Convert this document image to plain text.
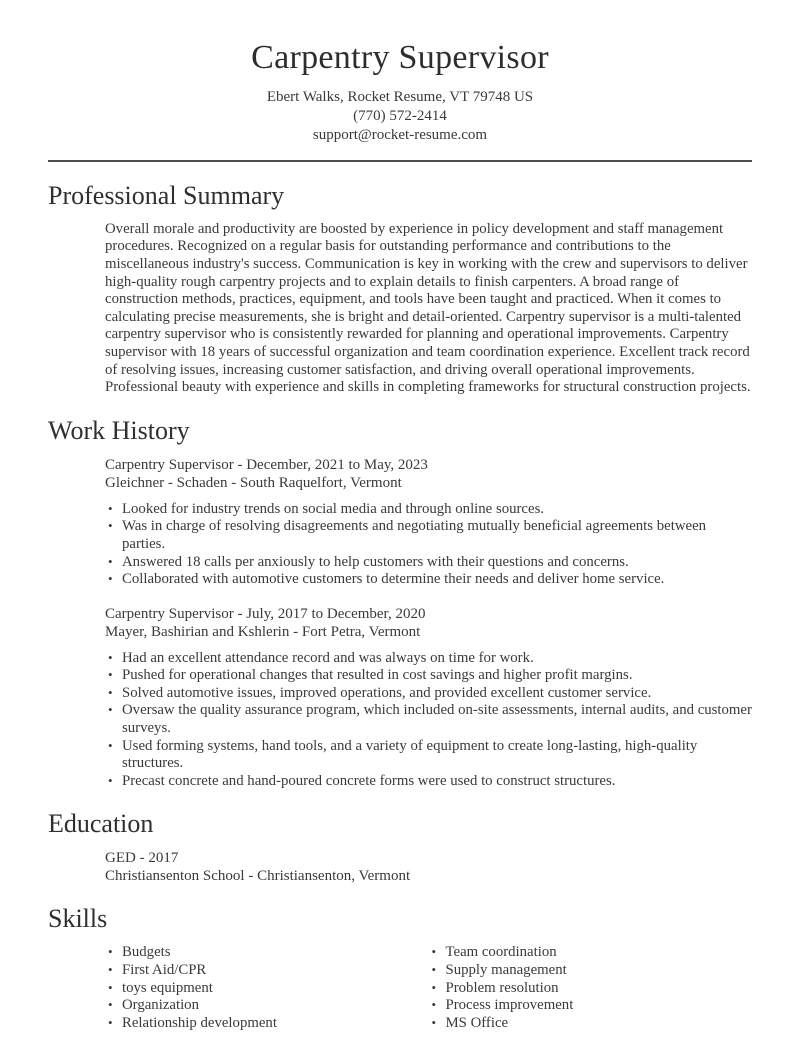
Carpentry Supervisor
Ebert Walks, Rocket Resume, VT 79748 US
(770) 572-2414
support@rocket-resume.com
Professional Summary

Overall morale and productivity are boosted by experience in policy development and staff management procedures. Recognized on a regular basis for outstanding performance and contributions to the miscellaneous industry's success. Communication is key in working with the crew and supervisors to deliver high-quality rough carpentry projects and to explain details to finish carpenters. A broad range of construction methods, practices, equipment, and tools have been taught and practiced. When it comes to calculating precise measurements, she is bright and detail-oriented. Carpentry supervisor is a multi-talented carpentry supervisor who is consistently rewarded for planning and operational improvements. Carpentry supervisor with 18 years of successful organization and team coordination experience. Excellent track record of resolving issues, increasing customer satisfaction, and driving overall operational improvements. Professional beauty with experience and skills in completing frameworks for structural construction projects.

Work History
Carpentry Supervisor - December, 2021 to May, 2023
Gleichner - Schaden - South Raquelfort, Vermont
• Looked for industry trends on social media and through online sources.
• Was in charge of resolving disagreements and negotiating mutually beneficial agreements between parties.
• Answered 18 calls per anxiously to help customers with their questions and concerns.
• Collaborated with automotive customers to determine their needs and deliver home service.
Carpentry Supervisor - July, 2017 to December, 2020
Mayer, Bashirian and Kshlerin - Fort Petra, Vermont
• Had an excellent attendance record and was always on time for work.
• Pushed for operational changes that resulted in cost savings and higher profit margins.
• Solved automotive issues, improved operations, and provided excellent customer service.
• Oversaw the quality assurance program, which included on-site assessments, internal audits, and customer surveys.
• Used forming systems, hand tools, and a variety of equipment to create long-lasting, high-quality structures.
• Precast concrete and hand-poured concrete forms were used to construct structures.
Education
GED - 2017
Christiansenton School - Christiansenton, Vermont
Skills
• Budgets
• First Aid/CPR
• toys equipment
• Organization
• Relationship development
• Team coordination
• Supply management
• Problem resolution
• Process improvement
• MS Office
